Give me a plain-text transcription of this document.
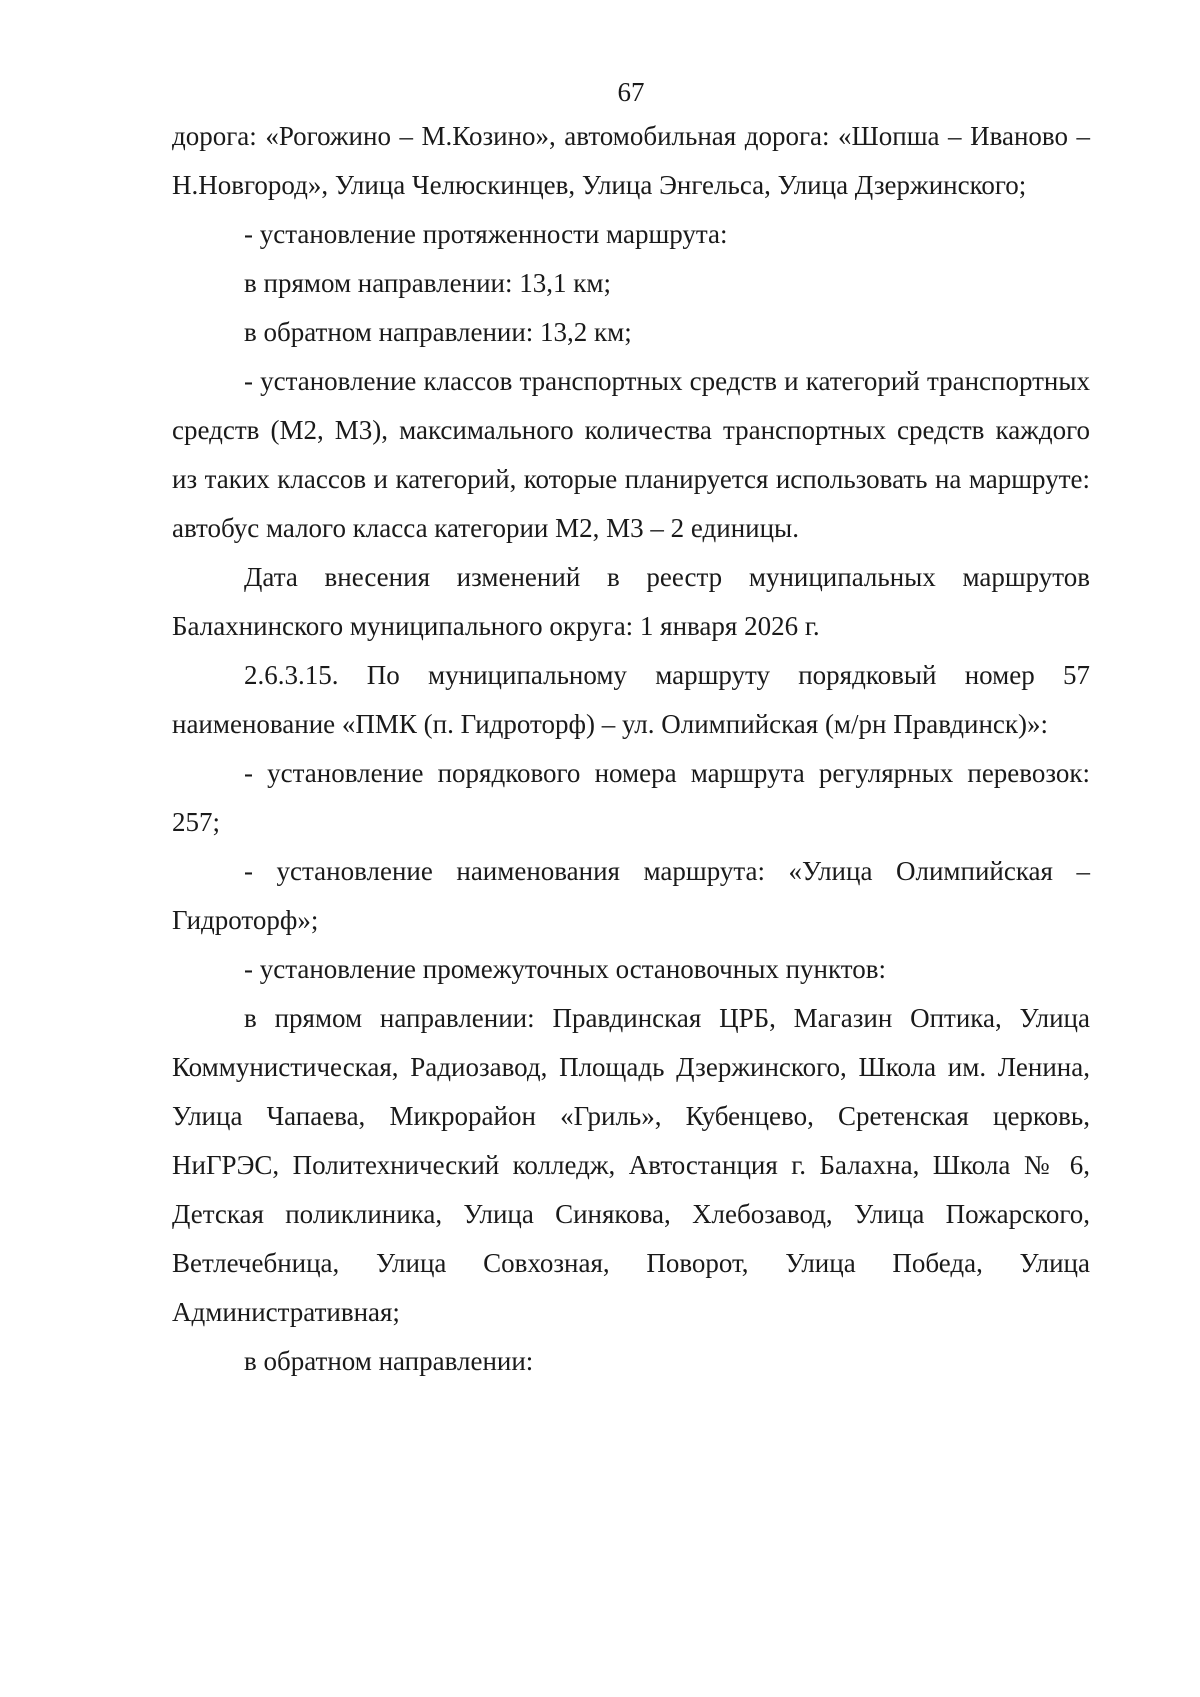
67

дорога: «Рогожино – М.Козино», автомобильная дорога: «Шопша – Иваново – Н.Новгород», Улица Челюскинцев, Улица Энгельса, Улица Дзержинского;

- установление протяженности маршрута:

в прямом направлении: 13,1 км;

в обратном направлении: 13,2 км;

- установление классов транспортных средств и категорий транспортных средств (М2, М3), максимального количества транспортных средств каждого из таких классов и категорий, которые планируется использовать на маршруте: автобус малого класса категории М2, М3 – 2 единицы.

Дата внесения изменений в реестр муниципальных маршрутов Балахнинского муниципального округа: 1 января 2026 г.

2.6.3.15. По муниципальному маршруту порядковый номер 57 наименование «ПМК (п. Гидроторф) – ул. Олимпийская (м/рн Правдинск)»:

- установление порядкового номера маршрута регулярных перевозок: 257;

- установление наименования маршрута: «Улица Олимпийская – Гидроторф»;

- установление промежуточных остановочных пунктов:

в прямом направлении: Правдинская ЦРБ, Магазин Оптика, Улица Коммунистическая, Радиозавод, Площадь Дзержинского, Школа им. Ленина, Улица Чапаева, Микрорайон «Гриль», Кубенцево, Сретенская церковь, НиГРЭС, Политехнический колледж, Автостанция г. Балахна, Школа № 6, Детская поликлиника, Улица Синякова, Хлебозавод, Улица Пожарского, Ветлечебница, Улица Совхозная, Поворот, Улица Победа, Улица Административная;

в обратном направлении:
